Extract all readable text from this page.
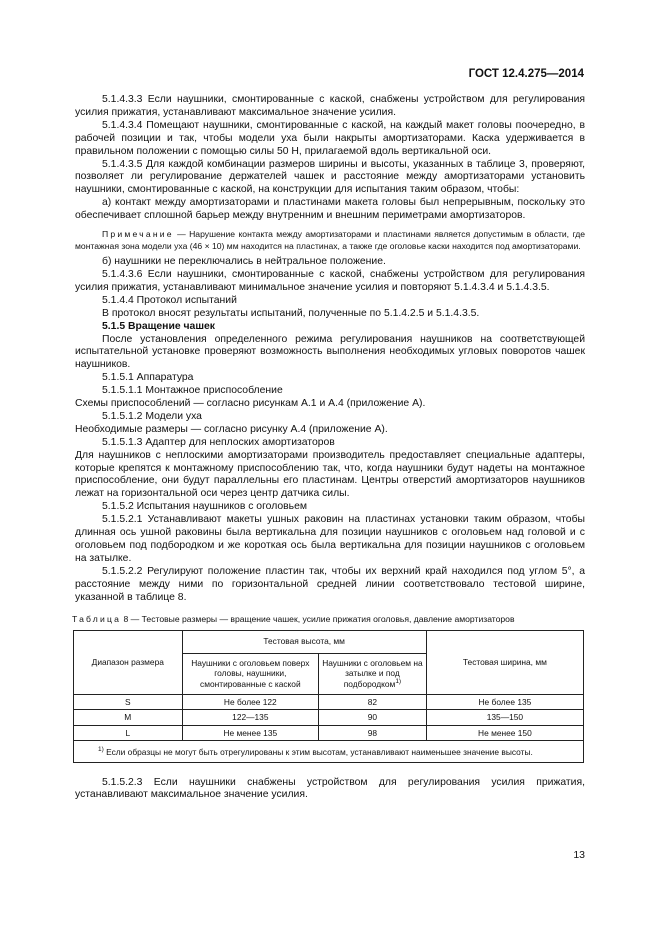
ГОСТ 12.4.275—2014

5.1.4.3.3 Если наушники, смонтированные с каской, снабжены устройством для регулирования усилия прижатия, устанавливают максимальное значение усилия.

5.1.4.3.4 Помещают наушники, смонтированные с каской, на каждый макет головы поочередно, в рабочей позиции и так, чтобы модели уха были накрыты амортизаторами. Каска удерживается в правильном положении с помощью силы 50 Н, прилагаемой вдоль вертикальной оси.

5.1.4.3.5 Для каждой комбинации размеров ширины и высоты, указанных в таблице 3, проверяют, позволяет ли регулирование держателей чашек и расстояние между амортизаторами установить наушники, смонтированные с каской, на конструкции для испытания таким образом, чтобы:

а) контакт между амортизаторами и пластинами макета головы был непрерывным, поскольку это обеспечивает сплошной барьер между внутренним и внешним периметрами амортизаторов.

Примечание — Нарушение контакта между амортизаторами и пластинами является допустимым в области, где монтажная зона модели уха (46 × 10) мм находится на пластинах, а также где оголовье каски находится под амортизаторами.

б) наушники не переключались в нейтральное положение.

5.1.4.3.6 Если наушники, смонтированные с каской, снабжены устройством для регулирования усилия прижатия, устанавливают минимальное значение усилия и повторяют 5.1.4.3.4 и 5.1.4.3.5.

5.1.4.4 Протокол испытаний

В протокол вносят результаты испытаний, полученные по 5.1.4.2.5 и 5.1.4.3.5.

5.1.5 Вращение чашек

После установления определенного режима регулирования наушников на соответствующей испытательной установке проверяют возможность выполнения необходимых угловых поворотов чашек наушников.

5.1.5.1 Аппаратура

5.1.5.1.1 Монтажное приспособление

Схемы приспособлений — согласно рисункам А.1 и А.4 (приложение А).

5.1.5.1.2 Модели уха

Необходимые размеры — согласно рисунку А.4 (приложение А).

5.1.5.1.3 Адаптер для неплоских амортизаторов

Для наушников с неплоскими амортизаторами производитель предоставляет специальные адаптеры, которые крепятся к монтажному приспособлению так, что, когда наушники будут надеты на монтажное приспособление, они будут параллельны его пластинам. Центры отверстий амортизаторов наушников лежат на горизонтальной оси через центр датчика силы.

5.1.5.2 Испытания наушников с оголовьем

5.1.5.2.1 Устанавливают макеты ушных раковин на пластинах установки таким образом, чтобы длинная ось ушной раковины была вертикальна для позиции наушников с оголовьем над головой и с оголовьем под подбородком и же короткая ось была вертикальна для позиции наушников с оголовьем на затылке.

5.1.5.2.2 Регулируют положение пластин так, чтобы их верхний край находился под углом 5°, а расстояние между ними по горизонтальной средней линии соответствовало тестовой ширине, указанной в таблице 8.

Таблица 8 — Тестовые размеры — вращение чашек, усилие прижатия оголовья, давление амортизаторов
Диапазон размера	Тестовая высота, мм		Тестовая ширина, мм
	Наушники с оголовьем поверх головы, наушники, смонтированные с каской	Наушники с оголовьем на затылке и под подбородком$^{1)}$
S	Не более 122	82	Не более 135
M	122—135	90	135—150
L	Не менее 135	98	Не менее 150
$^{1)}$ Если образцы не могут быть отрегулированы к этим высотам, устанавливают наименьшее значение высоты.			

5.1.5.2.3 Если наушники снабжены устройством для регулирования усилия прижатия, устанавливают максимальное значение усилия.

13
